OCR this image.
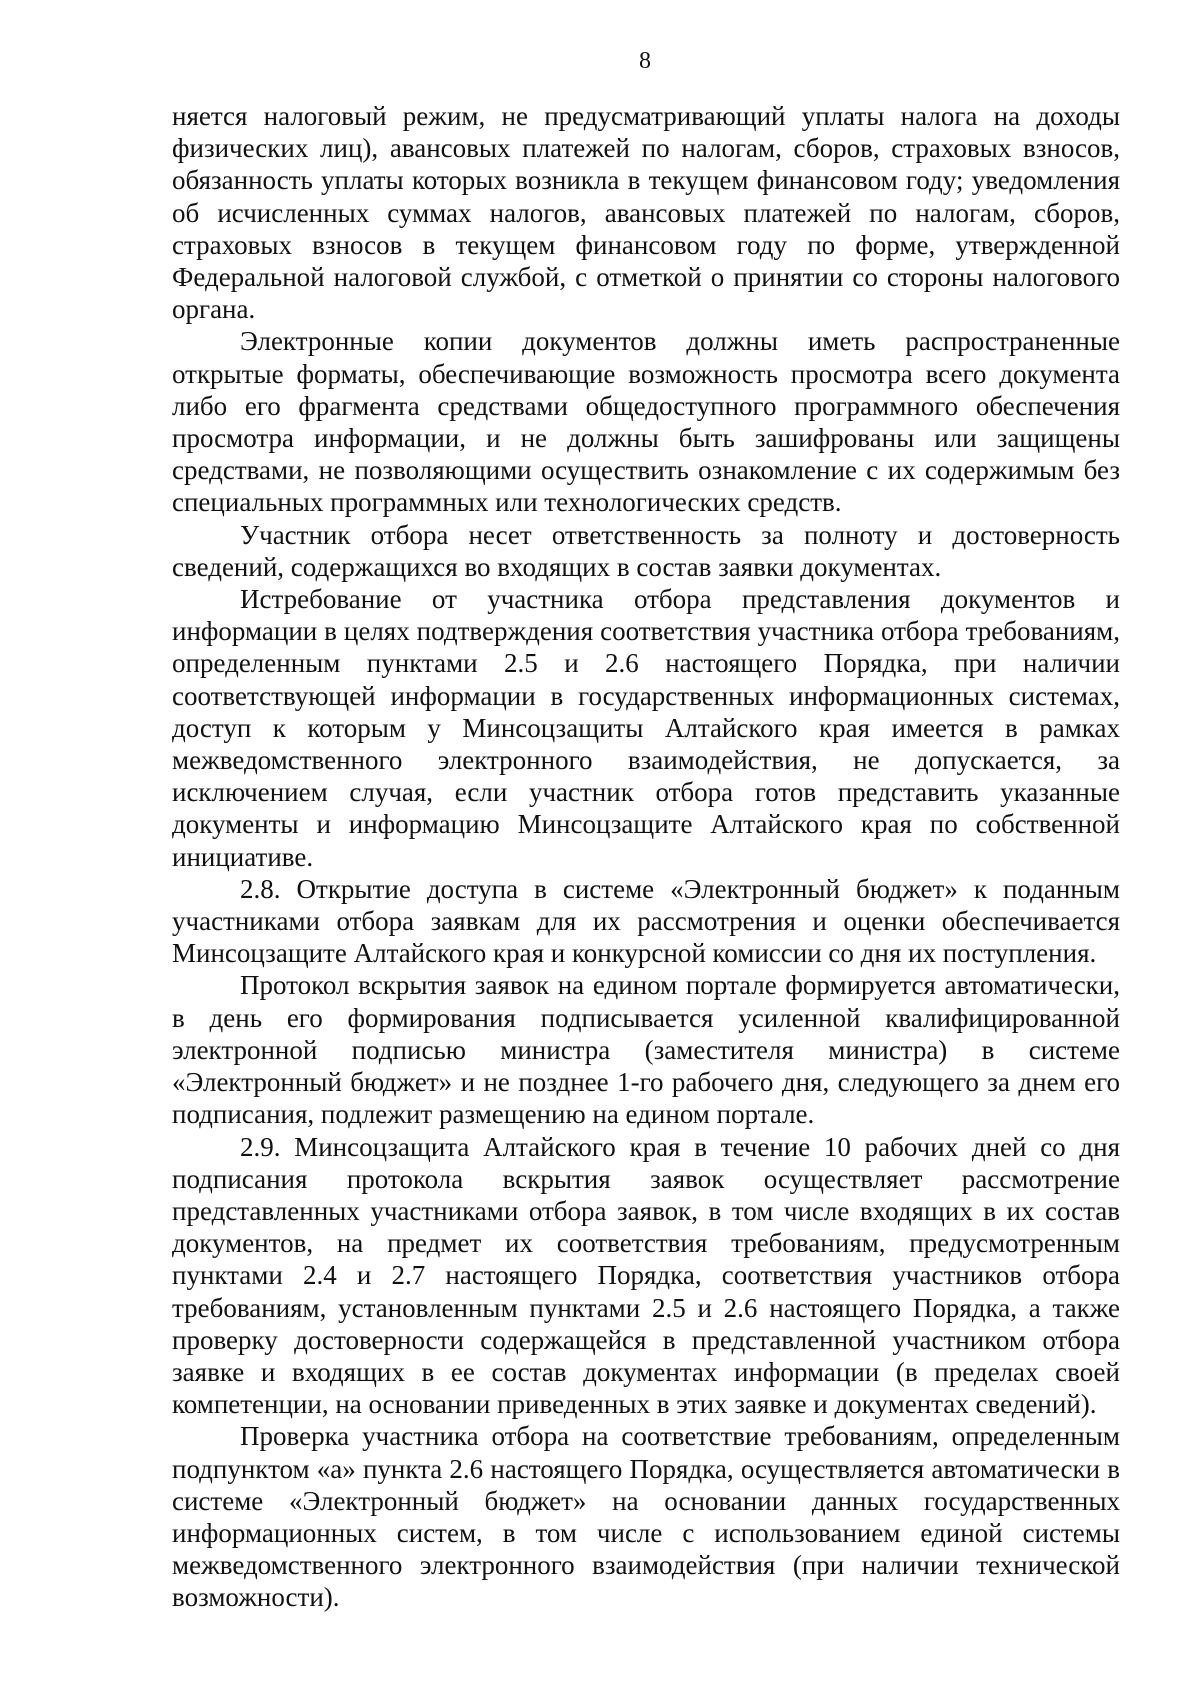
8

няется налоговый режим, не предусматривающий уплаты налога на доходы физических лиц), авансовых платежей по налогам, сборов, страховых взносов, обязанность уплаты которых возникла в текущем финансовом году; уведомления об исчисленных суммах налогов, авансовых платежей по налогам, сборов, страховых взносов в текущем финансовом году по форме, утвержденной Федеральной налоговой службой, с отметкой о принятии со стороны налогового органа.

Электронные копии документов должны иметь распространенные открытые форматы, обеспечивающие возможность просмотра всего документа либо его фрагмента средствами общедоступного программного обеспечения просмотра информации, и не должны быть зашифрованы или защищены средствами, не позволяющими осуществить ознакомление с их содержимым без специальных программных или технологических средств.

Участник отбора несет ответственность за полноту и достоверность сведений, содержащихся во входящих в состав заявки документах.

Истребование от участника отбора представления документов и информации в целях подтверждения соответствия участника отбора требованиям, определенным пунктами 2.5 и 2.6 настоящего Порядка, при наличии соответствующей информации в государственных информационных системах, доступ к которым у Минсоцзащиты Алтайского края имеется в рамках межведомственного электронного взаимодействия, не допускается, за исключением случая, если участник отбора готов представить указанные документы и информацию Минсоцзащите Алтайского края по собственной инициативе.

2.8. Открытие доступа в системе «Электронный бюджет» к поданным участниками отбора заявкам для их рассмотрения и оценки обеспечивается Минсоцзащите Алтайского края и конкурсной комиссии со дня их поступления.

Протокол вскрытия заявок на едином портале формируется автоматически, в день его формирования подписывается усиленной квалифицированной электронной подписью министра (заместителя министра) в системе «Электронный бюджет» и не позднее 1-го рабочего дня, следующего за днем его подписания, подлежит размещению на едином портале.

2.9. Минсоцзащита Алтайского края в течение 10 рабочих дней со дня подписания протокола вскрытия заявок осуществляет рассмотрение представленных участниками отбора заявок, в том числе входящих в их состав документов, на предмет их соответствия требованиям, предусмотренным пунктами 2.4 и 2.7 настоящего Порядка, соответствия участников отбора требованиям, установленным пунктами 2.5 и 2.6 настоящего Порядка, а также проверку достоверности содержащейся в представленной участником отбора заявке и входящих в ее состав документах информации (в пределах своей компетенции, на основании приведенных в этих заявке и документах сведений).

Проверка участника отбора на соответствие требованиям, определенным подпунктом «а» пункта 2.6 настоящего Порядка, осуществляется автоматически в системе «Электронный бюджет» на основании данных государственных информационных систем, в том числе с использованием единой системы межведомственного электронного взаимодействия (при наличии технической возможности).
